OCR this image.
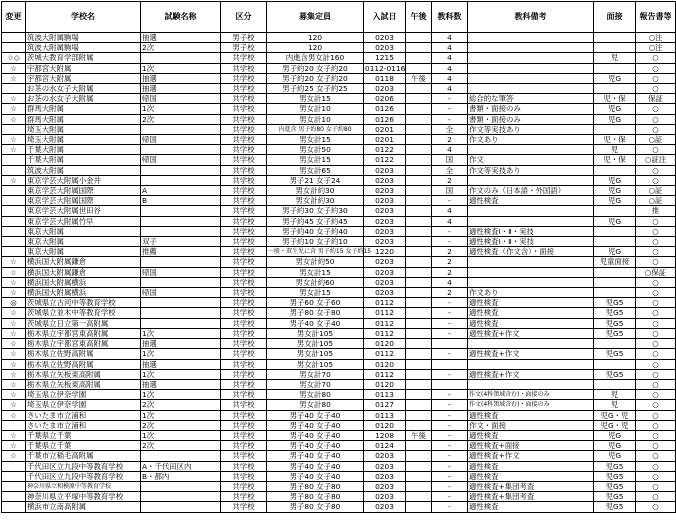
変更	学校名	試験名称	区分	募集定員	入試日	午後	教科数	教科備考	面接	報告書等
	筑波大附属駒場	抽選	男子校	120	0203		4			○注
	筑波大附属駒場	2次	男子校	120	0203		4			○注
☆◇	茨城大教育学部附属		共学校	内進含男女計160	1215		4		児	○
☆	宇都宮大附属	1次	共学校	男子約20 女子約20	0112-0116		4			○
☆	宇都宮大附属	抽選	共学校	男子約20 女子約20	0118	午後	4		児G	○
	お茶の水女子大附属	抽選	共学校	男子約25 女子約25	0203		4			○
☆	お茶の水女子大附属	帰国	共学校	男女計15	0206		-	総合的な筆答	児・保	保証
☆	群馬大附属	1次	共学校	男女計10	0126		-	書類・面接のみ	児G	○
☆	群馬大附属	2次	共学校	男女計10	0126		-	書類・面接のみ	児G	○
	埼玉大附属		共学校	内進含 男子約80 女子約80	0201		全	作文等実技あり		○
☆	埼玉大附属	帰国	共学校	男女計15	0201		2	作文あり	児・保	○証
☆	千葉大附属		共学校	男女計50	0122		4		児	○
	千葉大附属	帰国	共学校	男女計15	0122		国	作文	児・保	○証注
	筑波大附属		共学校	男女計65	0203		全	作文等実技あり		○
☆	東京学芸大附属小金井		共学校	男子21 女子24	0203		2		児G	○
	東京学芸大附属国際	A	共学校	男女計約30	0203		国	作文のみ（日本語・外国語）	児G	○証
	東京学芸大附属国際	B	共学校	男女計約30	0203		-	適性検査	児G	○証
	東京学芸大附属世田谷		共学校	男子約30 女子約30	0203		4			推
	東京学芸大附属竹早		共学校	男子約45 女子約45	0203		4		児G	○
	東京大附属		共学校	男子約40 女子約40	0203		-	適性検査Ⅰ・Ⅱ・実技		○
	東京大附属	双子	共学校	男子約10 女子約10	0203		-	適性検査Ⅰ・Ⅱ・実技		○
	東京大附属	推薦	共学校	一般・双生児に含 男子約15 女子約15	1220		2	適性検査（作文含）・面接	児G	○
☆	横浜国大附属鎌倉		共学校	男女計約50	0203		2		児童面接	○
☆	横浜国大附属鎌倉	帰国	共学校	男女計15	0203		2			○保証
☆	横浜国大附属横浜		共学校	男女計約60	0203		4			○
☆	横浜国大附属横浜	帰国	共学校	男女計15	0203		2	作文あり		○
◎	茨城県立古河中等教育学校		共学校	男子60 女子60	0112		-	適性検査	児G5	○
☆	茨城県立並木中等教育学校		共学校	男子80 女子80	0112		-	適性検査	児G5	○
☆	茨城県立日立第一高附属		共学校	男子40 女子40	0112		-	適性検査	児G5	○
☆	栃木県立宇都宮東高附属	1次	共学校	男女計105	0112		-	適性検査+作文	児G5	○
☆	栃木県立宇都宮東高附属	抽選	共学校	男女計105	0120					○
☆	栃木県立佐野高附属	1次	共学校	男女計105	0112		-	適性検査+作文	児G5	○
☆	栃木県立佐野高附属	抽選	共学校	男女計105	0120					○
☆	栃木県立矢板東高附属	1次	共学校	男女計70	0112		-	適性検査+作文	児G5	○
☆	栃木県立矢板東高附属	抽選	共学校	男女計70	0120					○
☆	埼玉県立伊奈学園	1次	共学校	男女計80	0113		-	作文(4科領域含む)・面接のみ	児	○
☆	埼玉県立伊奈学園	2次	共学校	男女計80	0127		-	作文(4科領域含む)・面接のみ	児	○
☆	さいたま市立浦和	1次	共学校	男子40 女子40	0113		-	適性検査	児G・児	○
	さいたま市立浦和	2次	共学校	男子40 女子40	0120		-	作文・面接	児G・児	○
☆	千葉県立千葉	1次	共学校	男子40 女子40	1208	午後	-	適性検査	児G	○
☆	千葉県立千葉	2次	共学校	男子40 女子40	0124		-	適性検査+面接	児G	○
☆	千葉市立稲毛高附属		共学校	男子40 女子40	0203		-	適性検査+作文	児G	○
	千代田区立九段中等教育学校	A・千代田区内	共学校	男子40 女子40	0203		-	適性検査	児G5	○
	千代田区立九段中等教育学校	B・都内	共学校	男子40 女子40	0203		-	適性検査	児G5	○
	神奈川県立相模原中等教育学校		共学校	男子80 女子80	0203		-	適性検査+集団考査	児G5	○
	神奈川県立平塚中等教育学校		共学校	男子80 女子80	0203		-	適性検査+集団考査	児G5	○
	横浜市立南高附属		共学校	男子80 女子80	0203		-	適性検査	児G5	○
